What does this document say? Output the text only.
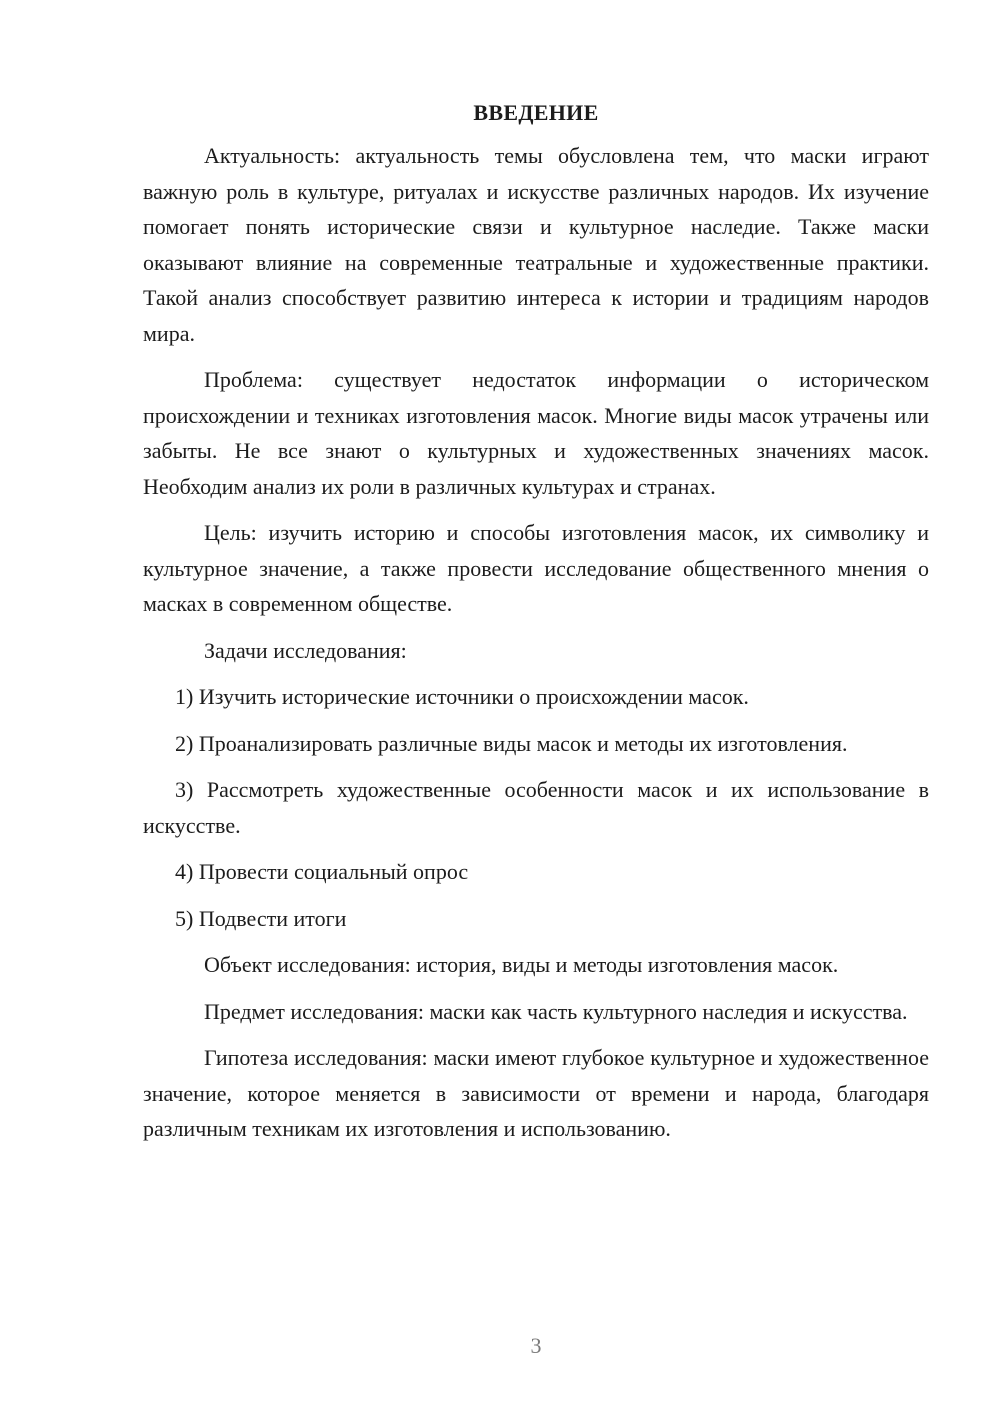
ВВЕДЕНИЕ

Актуальность: актуальность темы обусловлена тем, что маски играют важную роль в культуре, ритуалах и искусстве различных народов. Их изучение помогает понять исторические связи и культурное наследие. Также маски оказывают влияние на современные театральные и художественные практики. Такой анализ способствует развитию интереса к истории и традициям народов мира.

Проблема: существует недостаток информации о историческом происхождении и техниках изготовления масок. Многие виды масок утрачены или забыты. Не все знают о культурных и художественных значениях масок. Необходим анализ их роли в различных культурах и странах.

Цель: изучить историю и способы изготовления масок, их символику и культурное значение, а также провести исследование общественного мнения о масках в современном обществе.

Задачи исследования:

1) Изучить исторические источники о происхождении масок.

2) Проанализировать различные виды масок и методы их изготовления.

3) Рассмотреть художественные особенности масок и их использование в искусстве.

4) Провести социальный опрос

5) Подвести итоги

Объект исследования: история, виды и методы изготовления масок.

Предмет исследования: маски как часть культурного наследия и искусства.

Гипотеза исследования: маски имеют глубокое культурное и художественное значение, которое меняется в зависимости от времени и народа, благодаря различным техникам их изготовления и использованию.

3
